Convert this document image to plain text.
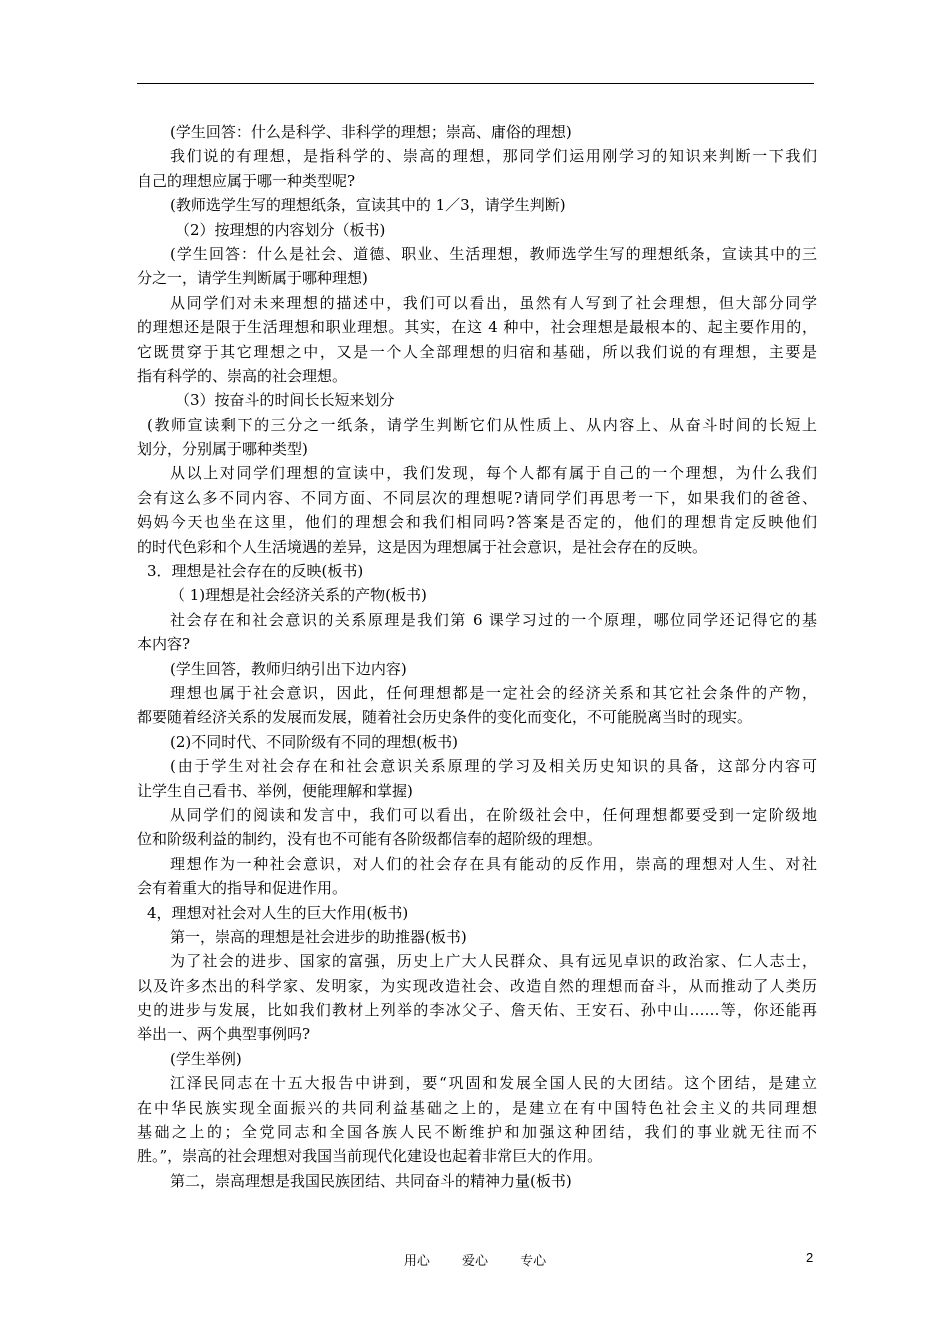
(学生回答：什么是科学、非科学的理想；崇高、庸俗的理想)
我们说的有理想，是指科学的、崇高的理想，那同学们运用刚学习的知识来判断一下我们
自己的理想应属于哪一种类型呢?
(教师选学生写的理想纸条，宣读其中的 1／3，请学生判断)
（2）按理想的内容划分（板书)
(学生回答：什么是社会、道德、职业、生活理想，教师选学生写的理想纸条，宣读其中的三
分之一，请学生判断属于哪种理想)
从同学们对未来理想的描述中，我们可以看出，虽然有人写到了社会理想，但大部分同学
的理想还是限于生活理想和职业理想。其实，在这 4 种中，社会理想是最根本的、起主要作用的，
它既贯穿于其它理想之中，又是一个人全部理想的归宿和基础，所以我们说的有理想，主要是
指有科学的、崇高的社会理想。
（3）按奋斗的时间长长短来划分
(教师宣读剩下的三分之一纸条，请学生判断它们从性质上、从内容上、从奋斗时间的长短上
划分，分别属于哪种类型)
从以上对同学们理想的宣读中，我们发现，每个人都有属于自己的一个理想，为什么我们
会有这么多不同内容、不同方面、不同层次的理想呢?请同学们再思考一下，如果我们的爸爸、
妈妈今天也坐在这里，他们的理想会和我们相同吗?答案是否定的，他们的理想肯定反映他们
的时代色彩和个人生活境遇的差异，这是因为理想属于社会意识，是社会存在的反映。
3．理想是社会存在的反映(板书)
（ 1)理想是社会经济关系的产物(板书)
社会存在和社会意识的关系原理是我们第 6 课学习过的一个原理，哪位同学还记得它的基
本内容?
(学生回答，教师归纳引出下边内容)
理想也属于社会意识，因此，任何理想都是一定社会的经济关系和其它社会条件的产物，
都要随着经济关系的发展而发展，随着社会历史条件的变化而变化，不可能脱离当时的现实。
(2)不同时代、不同阶级有不同的理想(板书)
(由于学生对社会存在和社会意识关系原理的学习及相关历史知识的具备，这部分内容可
让学生自己看书、举例，便能理解和掌握)
从同学们的阅读和发言中，我们可以看出，在阶级社会中，任何理想都要受到一定阶级地
位和阶级利益的制约，没有也不可能有各阶级都信奉的超阶级的理想。
理想作为一种社会意识，对人们的社会存在具有能动的反作用，崇高的理想对人生、对社
会有着重大的指导和促进作用。
4，理想对社会对人生的巨大作用(板书)
第一，崇高的理想是社会进步的助推器(板书)
为了社会的进步、国家的富强，历史上广大人民群众、具有远见卓识的政治家、仁人志士，
以及许多杰出的科学家、发明家，为实现改造社会、改造自然的理想而奋斗，从而推动了人类历
史的进步与发展，比如我们教材上列举的李冰父子、詹天佑、王安石、孙中山……等，你还能再
举出一、两个典型事例吗?
(学生举例)
江泽民同志在十五大报告中讲到，要“巩固和发展全国人民的大团结。这个团结，是建立
在中华民族实现全面振兴的共同利益基础之上的，是建立在有中国特色社会主义的共同理想
基础之上的；全党同志和全国各族人民不断维护和加强这种团结，我们的事业就无往而不
胜。”，崇高的社会理想对我国当前现代化建设也起着非常巨大的作用。
第二，崇高理想是我国民族团结、共同奋斗的精神力量(板书)
用心 爱心 专心	2
